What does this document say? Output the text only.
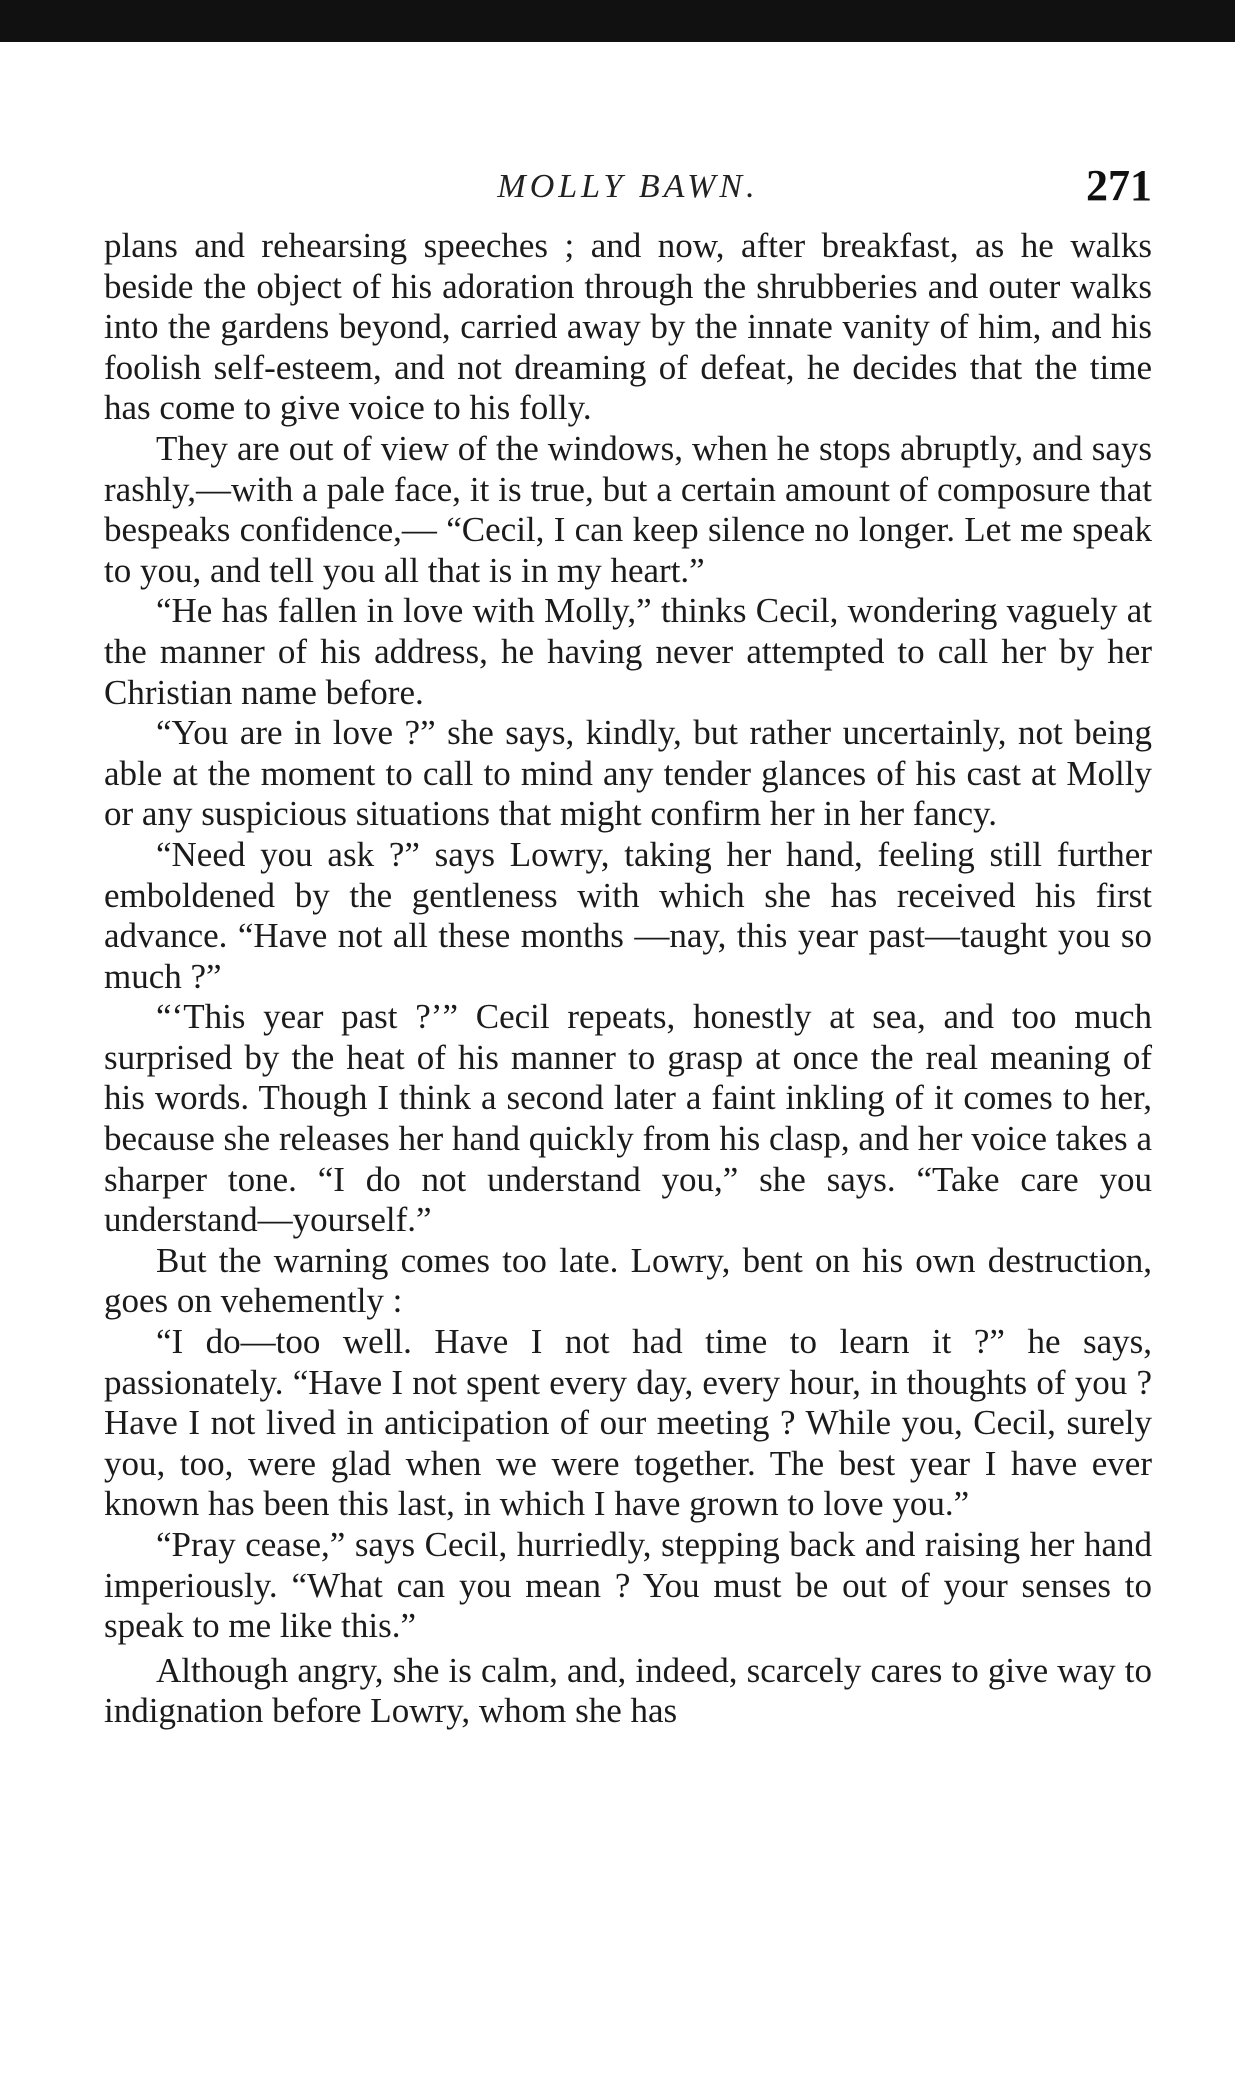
MOLLY BAWN.	271

plans and rehearsing speeches ; and now, after breakfast, as he walks beside the object of his adoration through the shrubberies and outer walks into the gardens beyond, carried away by the innate vanity of him, and his foolish self-esteem, and not dreaming of defeat, he decides that the time has come to give voice to his folly.

They are out of view of the windows, when he stops abruptly, and says rashly,—with a pale face, it is true, but a certain amount of composure that bespeaks confidence,— “Cecil, I can keep silence no longer. Let me speak to you, and tell you all that is in my heart.”

“He has fallen in love with Molly,” thinks Cecil, wondering vaguely at the manner of his address, he having never attempted to call her by her Christian name before.

“You are in love ?” she says, kindly, but rather uncertainly, not being able at the moment to call to mind any tender glances of his cast at Molly or any suspicious situations that might confirm her in her fancy.

“Need you ask ?” says Lowry, taking her hand, feeling still further emboldened by the gentleness with which she has received his first advance. “Have not all these months —nay, this year past—taught you so much ?”

“‘This year past ?’” Cecil repeats, honestly at sea, and too much surprised by the heat of his manner to grasp at once the real meaning of his words. Though I think a second later a faint inkling of it comes to her, because she releases her hand quickly from his clasp, and her voice takes a sharper tone. “I do not understand you,” she says. “Take care you understand—yourself.”

But the warning comes too late. Lowry, bent on his own destruction, goes on vehemently :

“I do—too well. Have I not had time to learn it ?” he says, passionately. “Have I not spent every day, every hour, in thoughts of you ? Have I not lived in anticipation of our meeting ? While you, Cecil, surely you, too, were glad when we were together. The best year I have ever known has been this last, in which I have grown to love you.”

“Pray cease,” says Cecil, hurriedly, stepping back and raising her hand imperiously. “What can you mean ? You must be out of your senses to speak to me like this.”

Although angry, she is calm, and, indeed, scarcely cares to give way to indignation before Lowry, whom she has
